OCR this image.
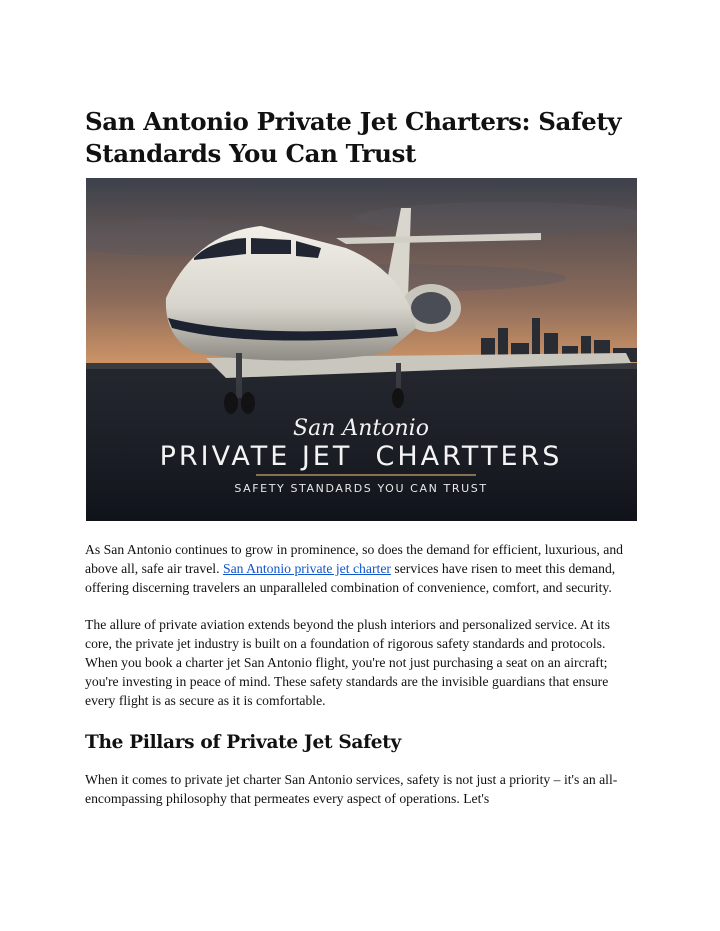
San Antonio Private Jet Charters: Safety Standards You Can Trust
San Antonio
PRIVATE JET  CHARTTERS
SAFETY STANDARDS YOU CAN TRUST

As San Antonio continues to grow in prominence, so does the demand for efficient, luxurious, and above all, safe air travel. San Antonio private jet charter services have risen to meet this demand, offering discerning travelers an unparalleled combination of convenience, comfort, and security.

The allure of private aviation extends beyond the plush interiors and personalized service. At its core, the private jet industry is built on a foundation of rigorous safety standards and protocols. When you book a charter jet San Antonio flight, you're not just purchasing a seat on an aircraft; you're investing in peace of mind. These safety standards are the invisible guardians that ensure every flight is as secure as it is comfortable.

The Pillars of Private Jet Safety

When it comes to private jet charter San Antonio services, safety is not just a priority – it's an all-encompassing philosophy that permeates every aspect of operations. Let's
